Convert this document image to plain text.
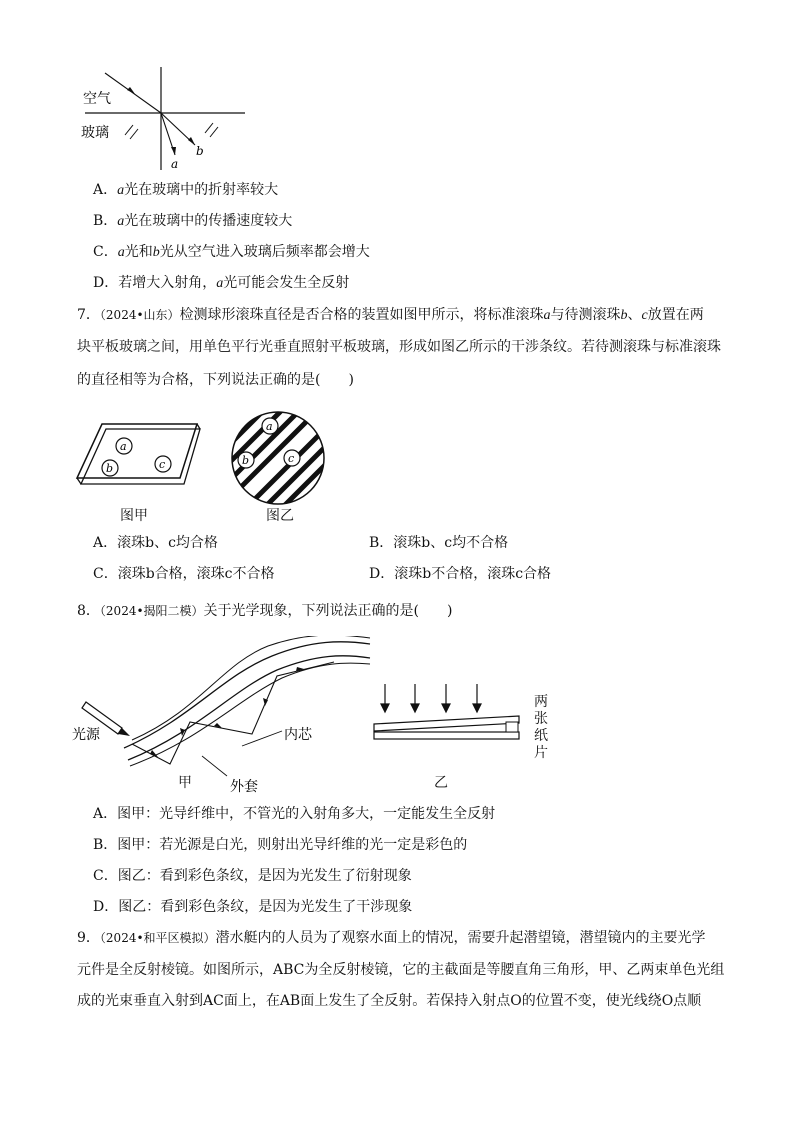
空气
玻璃
a
b
A．a光在玻璃中的折射率较大
B．a光在玻璃中的传播速度较大
C．a光和b光从空气进入玻璃后频率都会增大
D．若增大入射角，a光可能会发生全反射
7．（2024•山东）检测球形滚珠直径是否合格的装置如图甲所示，将标准滚珠a与待测滚珠b、c放置在两
块平板玻璃之间，用单色平行光垂直照射平板玻璃，形成如图乙所示的干涉条纹。若待测滚珠与标准滚珠
的直径相等为合格，下列说法正确的是(　　)
a
b	c
图甲
a
b	c
图乙
A．滚珠b、c均合格	B．滚珠b、c均不合格
C．滚珠b合格，滚珠c不合格	D．滚珠b不合格，滚珠c合格
8．（2024•揭阳二模）关于光学现象，下列说法正确的是(　　)
光源	内芯
外套
甲
两
张
纸
片
乙
A．图甲：光导纤维中，不管光的入射角多大，一定能发生全反射
B．图甲：若光源是白光，则射出光导纤维的光一定是彩色的
C．图乙：看到彩色条纹，是因为光发生了衍射现象
D．图乙：看到彩色条纹，是因为光发生了干涉现象
9．（2024•和平区模拟）潜水艇内的人员为了观察水面上的情况，需要升起潜望镜，潜望镜内的主要光学
元件是全反射棱镜。如图所示，ABC为全反射棱镜，它的主截面是等腰直角三角形，甲、乙两束单色光组
成的光束垂直入射到AC面上，在AB面上发生了全反射。若保持入射点O的位置不变，使光线绕O点顺
